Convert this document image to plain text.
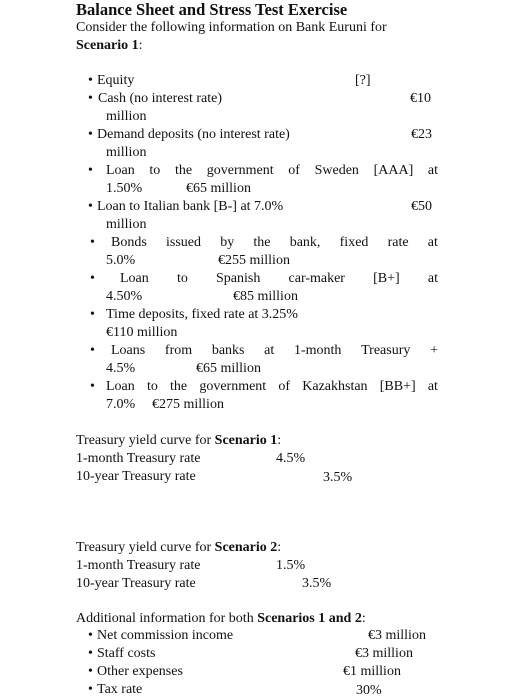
Balance Sheet and Stress Test Exercise
Consider the following information on Bank Euruni for
Scenario 1:
• Equity	[?]
• Cash (no interest rate)	€10
million
• Demand deposits (no interest rate)	€23
million
• Loan to the government of Sweden [AAA] at
1.50%	€65 million
• Loan to Italian bank [B-] at 7.0%	€50
million
• Bonds issued by the bank, fixed rate at
5.0%	€255 million
• Loan to Spanish car-maker [B+] at
4.50%	€85 million
• Time deposits, fixed rate at 3.25%
€110 million
• Loans from banks at 1-month Treasury +
4.5%	€65 million
• Loan to the government of Kazakhstan [BB+] at
7.0% €275 million
Treasury yield curve for Scenario 1:
1-month Treasury rate	4.5%
10-year Treasury rate	3.5%
Treasury yield curve for Scenario 2:
1-month Treasury rate	1.5%
10-year Treasury rate	3.5%
Additional information for both Scenarios 1 and 2:
• Net commission income	€3 million
• Staff costs	€3 million
• Other expenses	€1 million
• Tax rate	30%
